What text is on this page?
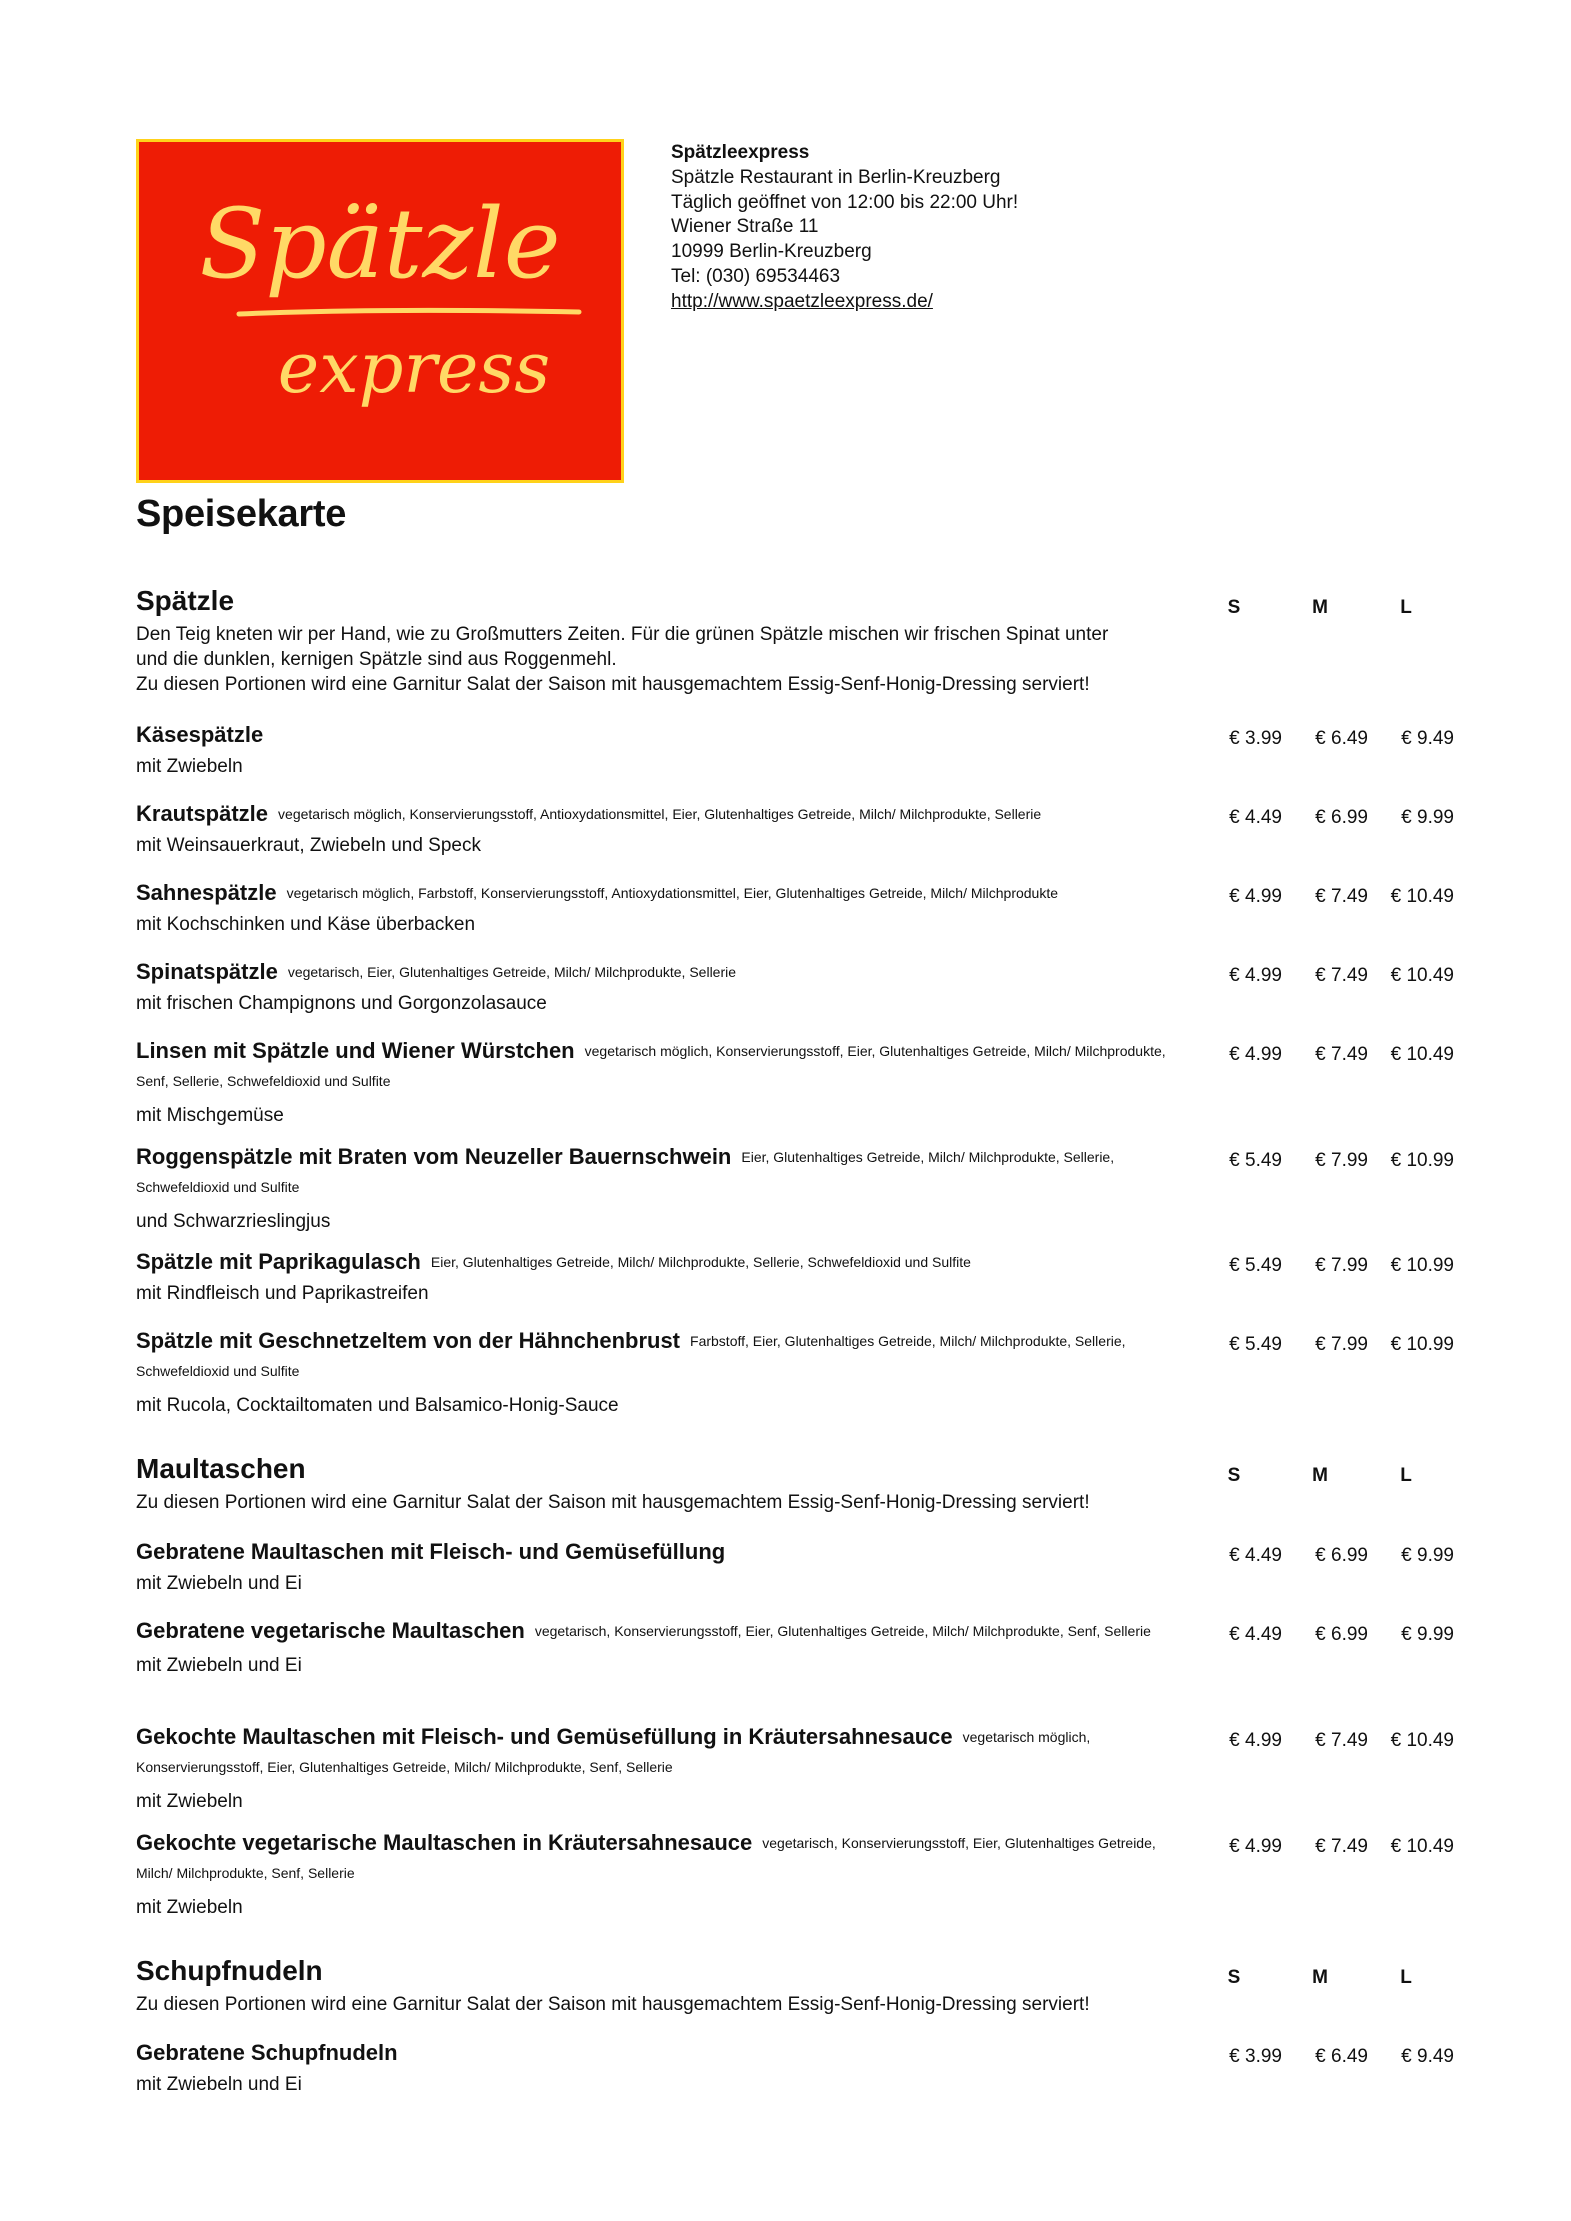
Spätzle
express
Spätzleexpress
Spätzle Restaurant in Berlin-Kreuzberg
Täglich geöffnet von 12:00 bis 22:00 Uhr!
Wiener Straße 11
10999 Berlin-Kreuzberg
Tel: (030) 69534463
http://www.spaetzleexpress.de/
Speisekarte
Spätzle	S	M	L
Den Teig kneten wir per Hand, wie zu Großmutters Zeiten. Für die grünen Spätzle mischen wir frischen Spinat unter
und die dunklen, kernigen Spätzle sind aus Roggenmehl.
Zu diesen Portionen wird eine Garnitur Salat der Saison mit hausgemachtem Essig-Senf-Honig-Dressing serviert!
Käsespätzle
mit Zwiebeln
€ 3.99	€ 6.49	€ 9.49
Krautspätzle vegetarisch möglich, Konservierungsstoff, Antioxydationsmittel, Eier, Glutenhaltiges Getreide, Milch/ Milchprodukte, Sellerie
mit Weinsauerkraut, Zwiebeln und Speck
€ 4.49	€ 6.99	€ 9.99
Sahnespätzle vegetarisch möglich, Farbstoff, Konservierungsstoff, Antioxydationsmittel, Eier, Glutenhaltiges Getreide, Milch/ Milchprodukte
mit Kochschinken und Käse überbacken
€ 4.99	€ 7.49	€ 10.49
Spinatspätzle vegetarisch, Eier, Glutenhaltiges Getreide, Milch/ Milchprodukte, Sellerie
mit frischen Champignons und Gorgonzolasauce
€ 4.99	€ 7.49	€ 10.49
Linsen mit Spätzle und Wiener Würstchen vegetarisch möglich, Konservierungsstoff, Eier, Glutenhaltiges Getreide, Milch/ Milchprodukte, Senf, Sellerie, Schwefeldioxid und Sulfite
mit Mischgemüse
€ 4.99	€ 7.49	€ 10.49
Roggenspätzle mit Braten vom Neuzeller Bauernschwein Eier, Glutenhaltiges Getreide, Milch/ Milchprodukte, Sellerie, Schwefeldioxid und Sulfite
und Schwarzrieslingjus
€ 5.49	€ 7.99	€ 10.99
Spätzle mit Paprikagulasch Eier, Glutenhaltiges Getreide, Milch/ Milchprodukte, Sellerie, Schwefeldioxid und Sulfite
mit Rindfleisch und Paprikastreifen
€ 5.49	€ 7.99	€ 10.99
Spätzle mit Geschnetzeltem von der Hähnchenbrust Farbstoff, Eier, Glutenhaltiges Getreide, Milch/ Milchprodukte, Sellerie, Schwefeldioxid und Sulfite
mit Rucola, Cocktailtomaten und Balsamico-Honig-Sauce
€ 5.49	€ 7.99	€ 10.99
Maultaschen	S	M	L
Zu diesen Portionen wird eine Garnitur Salat der Saison mit hausgemachtem Essig-Senf-Honig-Dressing serviert!
Gebratene Maultaschen mit Fleisch- und Gemüsefüllung
mit Zwiebeln und Ei
€ 4.49	€ 6.99	€ 9.99
Gebratene vegetarische Maultaschen vegetarisch, Konservierungsstoff, Eier, Glutenhaltiges Getreide, Milch/ Milchprodukte, Senf, Sellerie
mit Zwiebeln und Ei
€ 4.49	€ 6.99	€ 9.99
Gekochte Maultaschen mit Fleisch- und Gemüsefüllung in Kräutersahnesauce vegetarisch möglich, Konservierungsstoff, Eier, Glutenhaltiges Getreide, Milch/ Milchprodukte, Senf, Sellerie
mit Zwiebeln
€ 4.99	€ 7.49	€ 10.49
Gekochte vegetarische Maultaschen in Kräutersahnesauce vegetarisch, Konservierungsstoff, Eier, Glutenhaltiges Getreide, Milch/ Milchprodukte, Senf, Sellerie
mit Zwiebeln
€ 4.99	€ 7.49	€ 10.49
Schupfnudeln	S	M	L
Zu diesen Portionen wird eine Garnitur Salat der Saison mit hausgemachtem Essig-Senf-Honig-Dressing serviert!
Gebratene Schupfnudeln
mit Zwiebeln und Ei
€ 3.99	€ 6.49	€ 9.49
